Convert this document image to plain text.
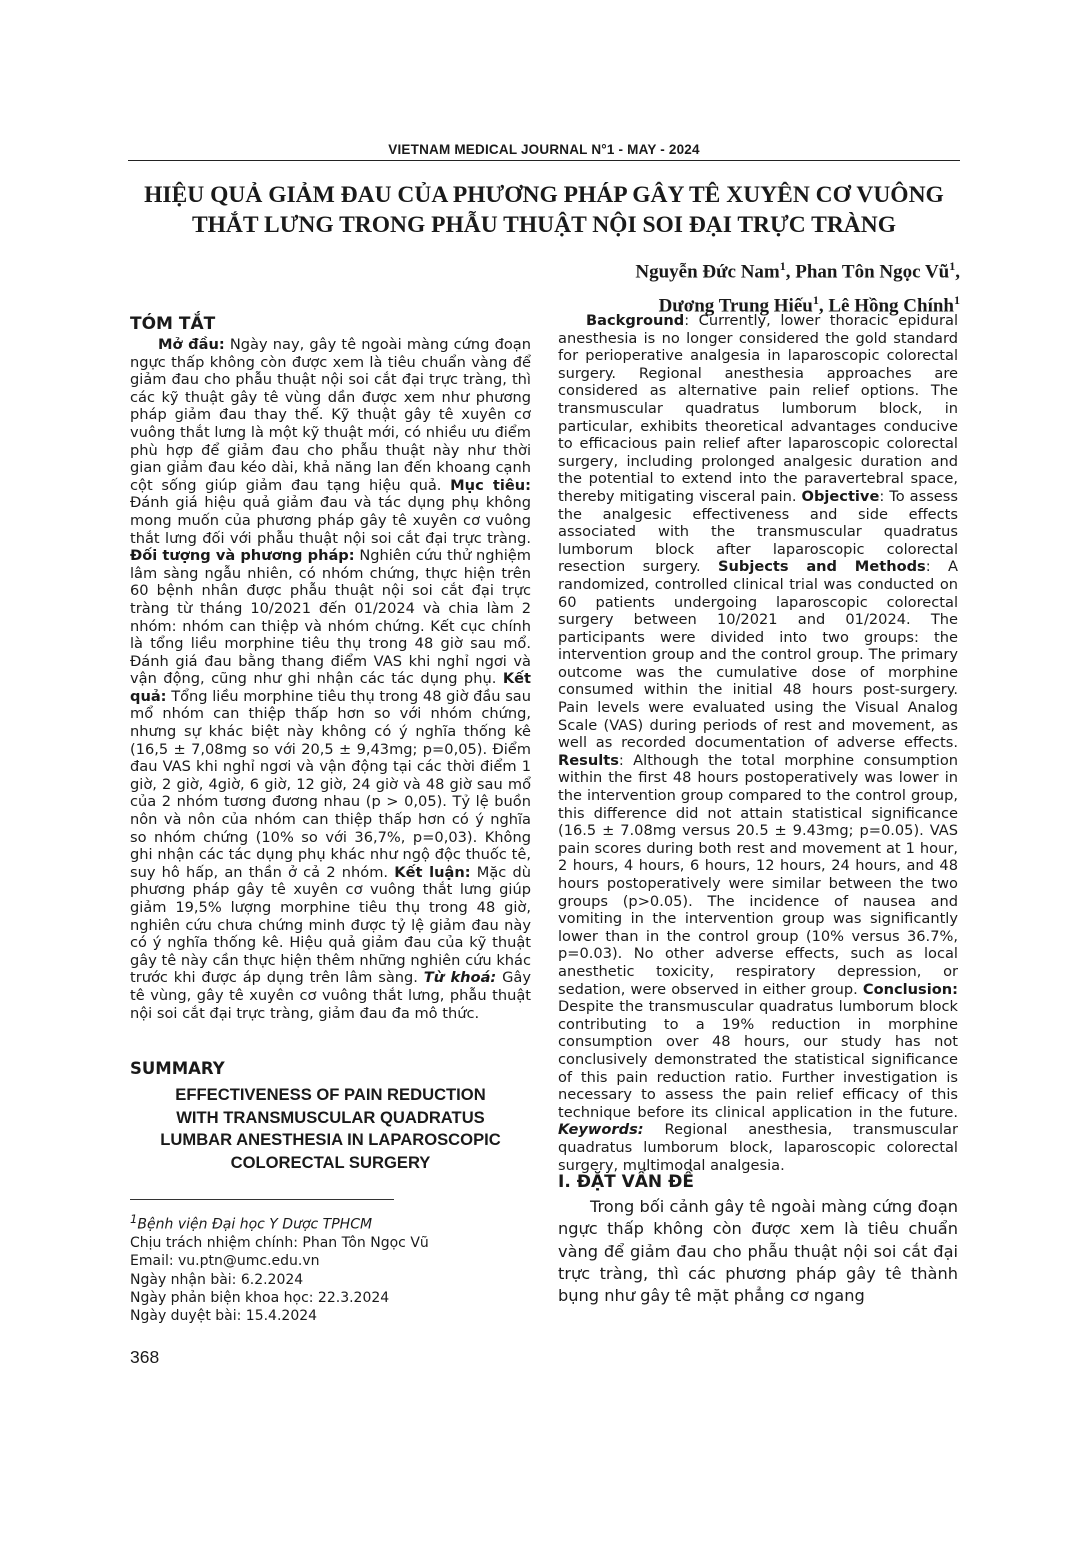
VIETNAM MEDICAL JOURNAL N°1 - MAY - 2024
HIỆU QUẢ GIẢM ĐAU CỦA PHƯƠNG PHÁP GÂY TÊ XUYÊN CƠ VUÔNG
THẮT LƯNG TRONG PHẪU THUẬT NỘI SOI ĐẠI TRỰC TRÀNG
Nguyễn Đức Nam$^1$, Phan Tôn Ngọc $Vũ^1$,
Dương Trung Hiếu$^1$, Lê Hồng Chính$^1$
TÓM TẮT

Mở đầu: Ngày nay, gây tê ngoài màng cứng đoạn ngực thấp không còn được xem là tiêu chuẩn vàng để giảm đau cho phẫu thuật nội soi cắt đại trực tràng, thì các kỹ thuật gây tê vùng dần được xem như phương pháp giảm đau thay thế. Kỹ thuật gây tê xuyên cơ vuông thắt lưng là một kỹ thuật mới, có nhiều ưu điểm phù hợp để giảm đau cho phẫu thuật này như thời gian giảm đau kéo dài, khả năng lan đến khoang cạnh cột sống giúp giảm đau tạng hiệu quả. Mục tiêu: Đánh giá hiệu quả giảm đau và tác dụng phụ không mong muốn của phương pháp gây tê xuyên cơ vuông thắt lưng đối với phẫu thuật nội soi cắt đại trực tràng. Đối tượng và phương pháp: Nghiên cứu thử nghiệm lâm sàng ngẫu nhiên, có nhóm chứng, thực hiện trên 60 bệnh nhân được phẫu thuật nội soi cắt đại trực tràng từ tháng 10/2021 đến 01/2024 và chia làm 2 nhóm: nhóm can thiệp và nhóm chứng. Kết cục chính là tổng liều morphine tiêu thụ trong 48 giờ sau mổ. Đánh giá đau bằng thang điểm VAS khi nghỉ ngơi và vận động, cũng như ghi nhận các tác dụng phụ. Kết quả: Tổng liều morphine tiêu thụ trong 48 giờ đầu sau mổ nhóm can thiệp thấp hơn so với nhóm chứng, nhưng sự khác biệt này không có ý nghĩa thống kê (16,5 ± 7,08mg so với 20,5 ± 9,43mg; p=0,05). Điểm đau VAS khi nghỉ ngơi và vận động tại các thời điểm 1 giờ, 2 giờ, 4giờ, 6 giờ, 12 giờ, 24 giờ và 48 giờ sau mổ của 2 nhóm tương đương nhau (p > 0,05). Tỷ lệ buồn nôn và nôn của nhóm can thiệp thấp hơn có ý nghĩa so nhóm chứng (10% so với 36,7%, p=0,03). Không ghi nhận các tác dụng phụ khác như ngộ độc thuốc tê, suy hô hấp, an thần ở cả 2 nhóm. Kết luận: Mặc dù phương pháp gây tê xuyên cơ vuông thắt lưng giúp giảm 19,5% lượng morphine tiêu thụ trong 48 giờ, nghiên cứu chưa chứng minh được tỷ lệ giảm đau này có ý nghĩa thống kê. Hiệu quả giảm đau của kỹ thuật gây tê này cần thực hiện thêm những nghiên cứu khác trước khi được áp dụng trên lâm sàng. Từ khoá: Gây tê vùng, gây tê xuyên cơ vuông thắt lưng, phẫu thuật nội soi cắt đại trực tràng, giảm đau đa mô thức.

SUMMARY
EFFECTIVENESS OF PAIN REDUCTION
WITH TRANSMUSCULAR QUADRATUS
LUMBAR ANESTHESIA IN LAPAROSCOPIC
COLORECTAL SURGERY
$^1$Bệnh viện Đại học Y Dược TPHCM
Chịu trách nhiệm chính: Phan Tôn Ngọc Vũ
Email: vu.ptn@umc.edu.vn
Ngày nhận bài: 6.2.2024
Ngày phản biện khoa học: 22.3.2024
Ngày duyệt bài: 15.4.2024

Background: Currently, lower thoracic epidural anesthesia is no longer considered the gold standard for perioperative analgesia in laparoscopic colorectal surgery. Regional anesthesia approaches are considered as alternative pain relief options. The transmuscular quadratus lumborum block, in particular, exhibits theoretical advantages conducive to efficacious pain relief after laparoscopic colorectal surgery, including prolonged analgesic duration and the potential to extend into the paravertebral space, thereby mitigating visceral pain. Objective: To assess the analgesic effectiveness and side effects associated with the transmuscular quadratus lumborum block after laparoscopic colorectal resection surgery. Subjects and Methods: A randomized, controlled clinical trial was conducted on 60 patients undergoing laparoscopic colorectal surgery between 10/2021 and 01/2024. The participants were divided into two groups: the intervention group and the control group. The primary outcome was the cumulative dose of morphine consumed within the initial 48 hours post-surgery. Pain levels were evaluated using the Visual Analog Scale (VAS) during periods of rest and movement, as well as recorded documentation of adverse effects. Results: Although the total morphine consumption within the first 48 hours postoperatively was lower in the intervention group compared to the control group, this difference did not attain statistical significance (16.5 ± 7.08mg versus 20.5 ± 9.43mg; p=0.05). VAS pain scores during both rest and movement at 1 hour, 2 hours, 4 hours, 6 hours, 12 hours, 24 hours, and 48 hours postoperatively were similar between the two groups (p>0.05). The incidence of nausea and vomiting in the intervention group was significantly lower than in the control group (10% versus 36.7%, p=0.03). No other adverse effects, such as local anesthetic toxicity, respiratory depression, or sedation, were observed in either group. Conclusion: Despite the transmuscular quadratus lumborum block contributing to a 19% reduction in morphine consumption over 48 hours, our study has not conclusively demonstrated the statistical significance of this pain reduction ratio. Further investigation is necessary to assess the pain relief efficacy of this technique before its clinical application in the future. Keywords: Regional anesthesia, transmuscular quadratus lumborum block, laparoscopic colorectal surgery, multimodal analgesia.

I. ĐẶT VẤN ĐỀ
Trong bối cảnh gây tê ngoài màng cứng đoạn ngực thấp không còn được xem là tiêu chuẩn vàng để giảm đau cho phẫu thuật nội soi cắt đại trực tràng, thì các phương pháp gây tê thành bụng như gây tê mặt phẳng cơ ngang
368
